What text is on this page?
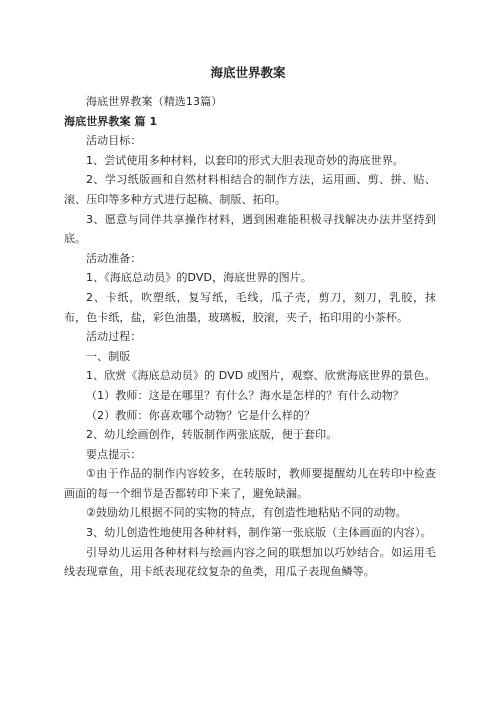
海底世界教案

海底世界教案（精选13篇）

海底世界教案 篇 1

活动目标：

1、尝试使用多种材料，以套印的形式大胆表现奇妙的海底世界。

2、学习纸版画和自然材料相结合的制作方法，运用画、剪、拼、贴、滚、压印等多种方式进行起稿、制版、拓印。

3、愿意与同伴共享操作材料，遇到困难能积极寻找解决办法并坚持到底。

活动准备：

1、《海底总动员》的DVD，海底世界的图片。

2、卡纸，吹塑纸，复写纸，毛线，瓜子壳，剪刀，刻刀，乳胶，抹布，色卡纸，盐，彩色油墨，玻璃板，胶滚，夹子，拓印用的小茶杯。

活动过程：

一、制版

1、欣赏《海底总动员》的 DVD 或图片，观察、欣赏海底世界的景色。

（1）教师：这是在哪里？有什么？海水是怎样的？有什么动物？

（2）教师：你喜欢哪个动物？它是什么样的？

2、幼儿绘画创作，转版制作两张底版，便于套印。

要点提示：

①由于作品的制作内容较多，在转版时，教师要提醒幼儿在转印中检查画面的每一个细节是否都转印下来了，避免缺漏。

②鼓励幼儿根据不同的实物的特点，有创造性地粘贴不同的动物。

3、幼儿创造性地使用各种材料，制作第一张底版（主体画面的内容）。

引导幼儿运用各种材料与绘画内容之间的联想加以巧妙结合。如运用毛线表现章鱼，用卡纸表现花纹复杂的鱼类，用瓜子表现鱼鳞等。
